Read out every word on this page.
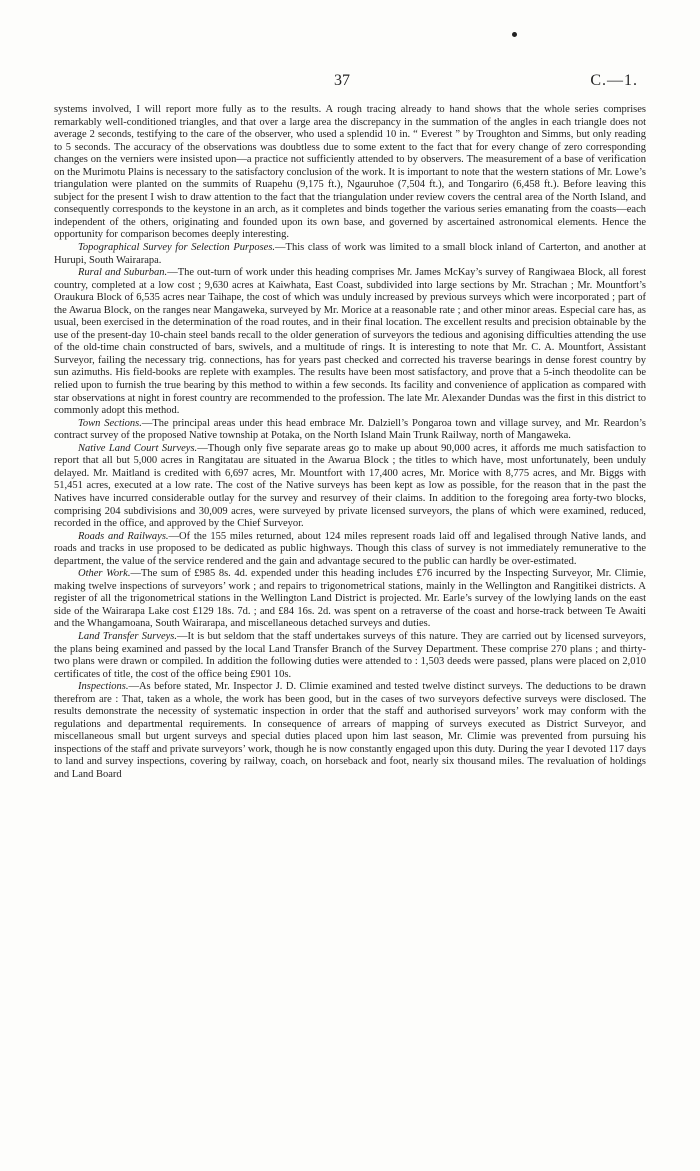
37	C.—1.

systems involved, I will report more fully as to the results. A rough tracing already to hand shows that the whole series comprises remarkably well-conditioned triangles, and that over a large area the discrepancy in the summation of the angles in each triangle does not average 2 seconds, testifying to the care of the observer, who used a splendid 10 in. “ Everest ” by Troughton and Simms, but only reading to 5 seconds. The accuracy of the observations was doubtless due to some extent to the fact that for every change of zero corresponding changes on the verniers were insisted upon—a practice not sufficiently attended to by observers. The measurement of a base of verification on the Murimotu Plains is necessary to the satisfactory conclusion of the work. It is important to note that the western stations of Mr. Lowe’s triangulation were planted on the summits of Ruapehu (9,175 ft.), Ngauruhoe (7,504 ft.), and Tongariro (6,458 ft.). Before leaving this subject for the present I wish to draw attention to the fact that the triangulation under review covers the central area of the North Island, and consequently corresponds to the keystone in an arch, as it completes and binds together the various series emanating from the coasts—each independent of the others, originating and founded upon its own base, and governed by ascertained astronomical elements. Hence the opportunity for comparison becomes deeply interesting.

Topographical Survey for Selection Purposes.—This class of work was limited to a small block inland of Carterton, and another at Hurupi, South Wairarapa.

Rural and Suburban.—The out-turn of work under this heading comprises Mr. James McKay’s survey of Rangiwaea Block, all forest country, completed at a low cost ; 9,630 acres at Kaiwhata, East Coast, subdivided into large sections by Mr. Strachan ; Mr. Mountfort’s Oraukura Block of 6,535 acres near Taihape, the cost of which was unduly increased by previous surveys which were incorporated ; part of the Awarua Block, on the ranges near Mangaweka, surveyed by Mr. Morice at a reasonable rate ; and other minor areas. Especial care has, as usual, been exercised in the determination of the road routes, and in their final location. The excellent results and precision obtainable by the use of the present-day 10-chain steel bands recall to the older generation of surveyors the tedious and agonising difficulties attending the use of the old-time chain constructed of bars, swivels, and a multitude of rings. It is interesting to note that Mr. C. A. Mountfort, Assistant Surveyor, failing the necessary trig. connections, has for years past checked and corrected his traverse bearings in dense forest country by sun azimuths. His field-books are replete with examples. The results have been most satisfactory, and prove that a 5-inch theodolite can be relied upon to furnish the true bearing by this method to within a few seconds. Its facility and convenience of application as compared with star observations at night in forest country are recommended to the profession. The late Mr. Alexander Dundas was the first in this district to commonly adopt this method.

Town Sections.—The principal areas under this head embrace Mr. Dalziell’s Pongaroa town and village survey, and Mr. Reardon’s contract survey of the proposed Native township at Potaka, on the North Island Main Trunk Railway, north of Mangaweka.

Native Land Court Surveys.—Though only five separate areas go to make up about 90,000 acres, it affords me much satisfaction to report that all but 5,000 acres in Rangitatau are situated in the Awarua Block ; the titles to which have, most unfortunately, been unduly delayed. Mr. Maitland is credited with 6,697 acres, Mr. Mountfort with 17,400 acres, Mr. Morice with 8,775 acres, and Mr. Biggs with 51,451 acres, executed at a low rate. The cost of the Native surveys has been kept as low as possible, for the reason that in the past the Natives have incurred considerable outlay for the survey and resurvey of their claims. In addition to the foregoing area forty-two blocks, comprising 204 subdivisions and 30,009 acres, were surveyed by private licensed surveyors, the plans of which were examined, reduced, recorded in the office, and approved by the Chief Surveyor.

Roads and Railways.—Of the 155 miles returned, about 124 miles represent roads laid off and legalised through Native lands, and roads and tracks in use proposed to be dedicated as public highways. Though this class of survey is not immediately remunerative to the department, the value of the service rendered and the gain and advantage secured to the public can hardly be over-estimated.

Other Work.—The sum of £985 8s. 4d. expended under this heading includes £76 incurred by the Inspecting Surveyor, Mr. Climie, making twelve inspections of surveyors’ work ; and repairs to trigonometrical stations, mainly in the Wellington and Rangitikei districts. A register of all the trigonometrical stations in the Wellington Land District is projected. Mr. Earle’s survey of the lowlying lands on the east side of the Wairarapa Lake cost £129 18s. 7d. ; and £84 16s. 2d. was spent on a retraverse of the coast and horse-track between Te Awaiti and the Whangamoana, South Wairarapa, and miscellaneous detached surveys and duties.

Land Transfer Surveys.—It is but seldom that the staff undertakes surveys of this nature. They are carried out by licensed surveyors, the plans being examined and passed by the local Land Transfer Branch of the Survey Department. These comprise 270 plans ; and thirty-two plans were drawn or compiled. In addition the following duties were attended to : 1,503 deeds were passed, plans were placed on 2,010 certificates of title, the cost of the office being £901 10s.

Inspections.—As before stated, Mr. Inspector J. D. Climie examined and tested twelve distinct surveys. The deductions to be drawn therefrom are : That, taken as a whole, the work has been good, but in the cases of two surveyors defective surveys were disclosed. The results demonstrate the necessity of systematic inspection in order that the staff and authorised surveyors’ work may conform with the regulations and departmental requirements. In consequence of arrears of mapping of surveys executed as District Surveyor, and miscellaneous small but urgent surveys and special duties placed upon him last season, Mr. Climie was prevented from pursuing his inspections of the staff and private surveyors’ work, though he is now constantly engaged upon this duty. During the year I devoted 117 days to land and survey inspections, covering by railway, coach, on horseback and foot, nearly six thousand miles. The revaluation of holdings and Land Board
